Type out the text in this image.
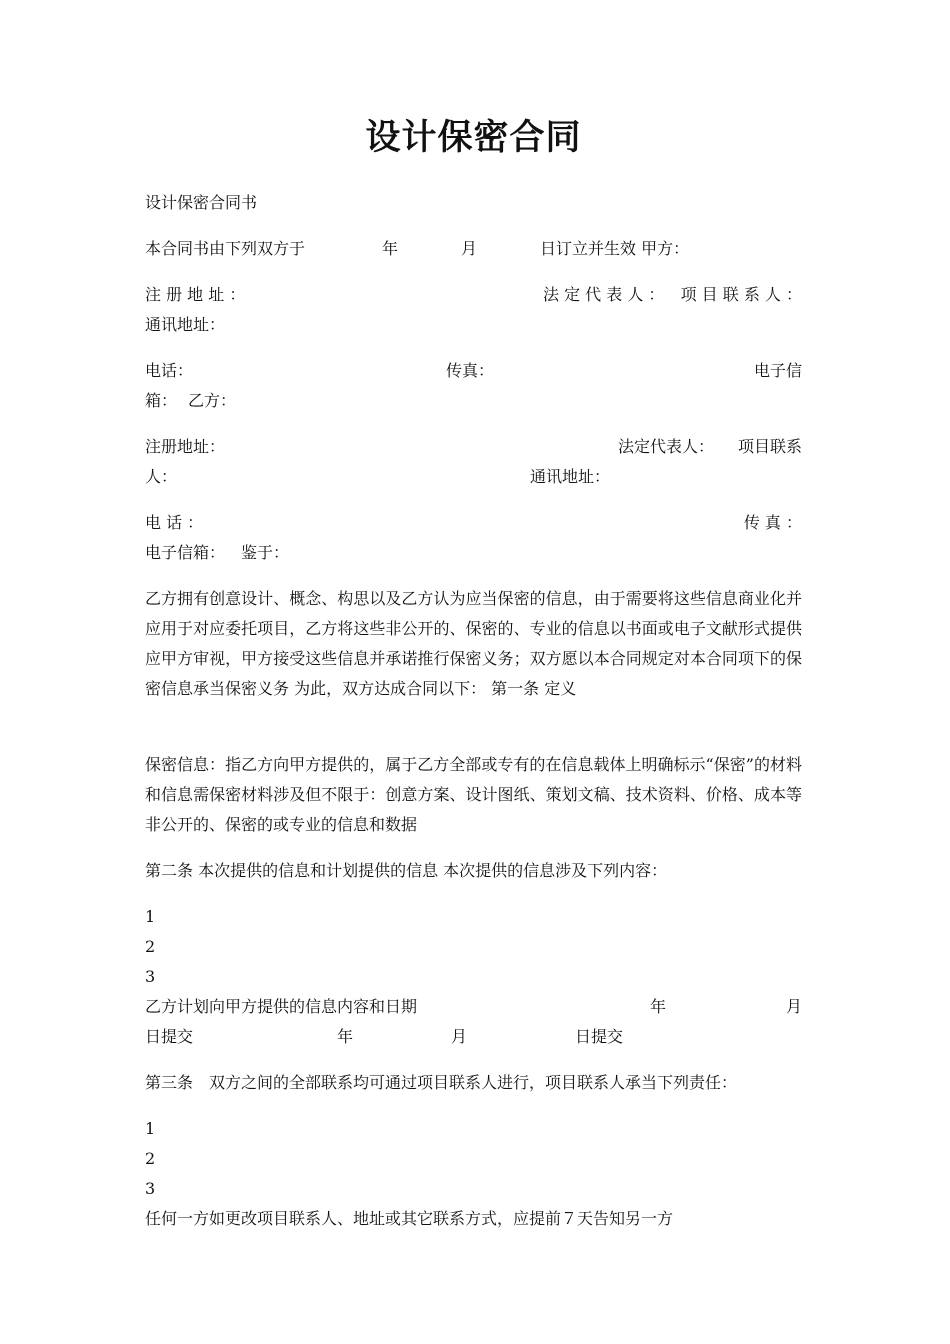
设计保密合同
设计保密合同书
本合同书由下列双方于	年	月	日订立并生效 甲方：
注 册 地 址 ：	法 定 代 表 人 ： 项 目 联 系 人 ：
通讯地址：
电话：	传真：	电子信
箱： 乙方：
注册地址：	法定代表人： 项目联系
人：	通讯地址：
电 话 ：	传 真 ：
电子信箱： 鉴于：
乙方拥有创意设计、概念、构思以及乙方认为应当保密的信息，由于需要将这些信息商业化并应用于对应委托项目，乙方将这些非公开的、保密的、专业的信息以书面或电子文献形式提供应甲方审视，甲方接受这些信息并承诺推行保密义务；双方愿以本合同规定对本合同项下的保密信息承当保密义务 为此，双方达成合同以下： 第一条 定义
保密信息：指乙方向甲方提供的，属于乙方全部或专有的在信息载体上明确标示“保密”的材料和信息需保密材料涉及但不限于：创意方案、设计图纸、策划文稿、技术资料、价格、成本等非公开的、保密的或专业的信息和数据
第二条 本次提供的信息和计划提供的信息 本次提供的信息涉及下列内容：
1
2
3
乙方计划向甲方提供的信息内容和日期	年	月
日提交	年	月	日提交
第三条　双方之间的全部联系均可通过项目联系人进行，项目联系人承当下列责任：
1
2
3
任何一方如更改项目联系人、地址或其它联系方式，应提前７天告知另一方
